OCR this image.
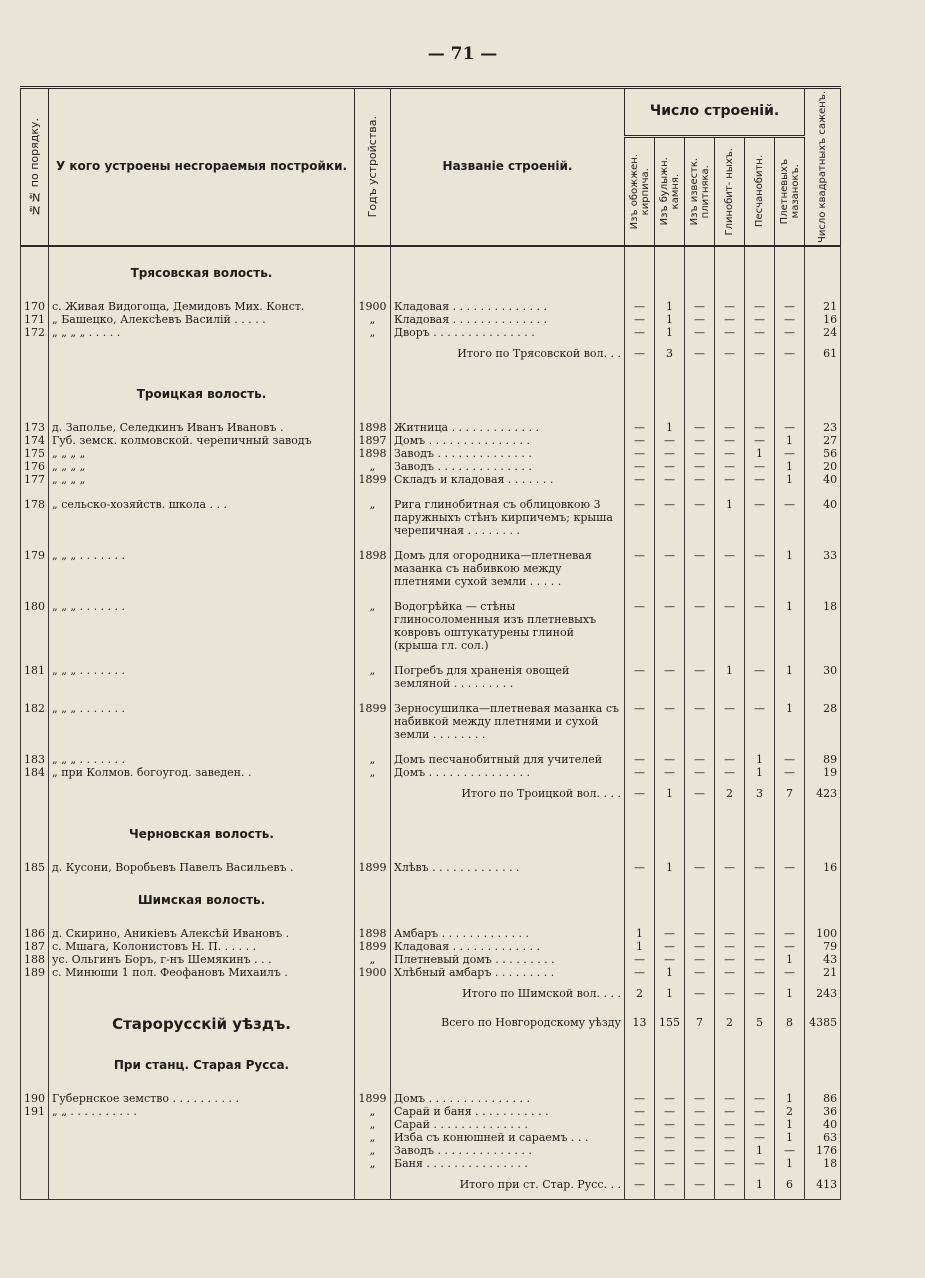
— 71 —
№№ по порядку.	У кого устроены несгораемыя постройки.	Годъ устройства.	Названіе строеній.	Число строеній.						Число квадратныхъ саженъ.

				Изъ обожжен. кирпича.	Изъ булыжн. камня.	Изъ известк. плитняка.	Глинобит- ныхъ.	Песчанобитн.	Плетневыхъ мазанокъ.	

	Трясовская волость.									
170	с. Живая Видогоща, Демидовъ Мих. Конст.	1900	Кладовая . . . . . . . . . . . . . .	—	1	—	—	—	—	21
171	„ Башецко, Алексѣевъ Василій . . . . .	„	Кладовая . . . . . . . . . . . . . .	—	1	—	—	—	—	16
172	„ „ „ „ . . . . .	„	Дворъ . . . . . . . . . . . . . . .	—	1	—	—	—	—	24
			Итого по Трясовской вол. . .	—	3	—	—	—	—	61
	Троицкая волость.									
173	д. Заполье, Селедкинъ Иванъ Ивановъ .	1898	Житница . . . . . . . . . . . . .	—	1	—	—	—	—	23
174	Губ. земск. колмовской. черепичный заводъ	1897	Домъ . . . . . . . . . . . . . . .	—	—	—	—	—	1	27
175	„ „ „ „	1898	Заводъ . . . . . . . . . . . . . .	—	—	—	—	1	—	56
176	„ „ „ „	„	Заводъ . . . . . . . . . . . . . .	—	—	—	—	—	1	20
177	„ „ „ „	1899	Складъ и кладовая . . . . . . .	—	—	—	—	—	1	40

178	„ сельско-хозяйств. школа . . .	„	Рига глинобитная съ облицовкою 3 паружныхъ стѣнъ кирпичемъ; крыша черепичная . . . . . . . .	—	—	—	1	—	—	40

179	„ „ „ . . . . . . .	1898	Домъ для огородника—плетневая мазанка съ набивкою между плетнями сухой земли . . . . .	—	—	—	—	—	1	33

180	„ „ „ . . . . . . .	„	Водогрѣйка — стѣны глиносоломенныя изъ плетневыхъ ковровъ оштукатурены глиной (крыша гл. сол.)	—	—	—	—	—	1	18

181	„ „ „ . . . . . . .	„	Погребъ для храненія овощей земляной . . . . . . . . .	—	—	—	1	—	1	30

182	„ „ „ . . . . . . .	1899	Зерносушилка—плетневая мазанка съ набивкой между плетнями и сухой земли . . . . . . . .	—	—	—	—	—	1	28

183	„ „ „ . . . . . . .	„	Домъ песчанобитный для учителей	—	—	—	—	1	—	89
184	„ при Колмов. богоугод. заведен. .	„	Домъ . . . . . . . . . . . . . . .	—	—	—	—	1	—	19
			Итого по Троицкой вол. . . .	—	1	—	2	3	7	423
	Черновская волость.									
185	д. Кусони, Воробьевъ Павелъ Васильевъ .	1899	Хлѣвъ . . . . . . . . . . . . .	—	1	—	—	—	—	16
	Шимская волость.									
186	д. Скирино, Аникіевъ Алексѣй Ивановъ .	1898	Амбаръ . . . . . . . . . . . . .	1	—	—	—	—	—	100
187	с. Мшага, Колонистовъ Н. П. . . . . .	1899	Кладовая . . . . . . . . . . . . .	1	—	—	—	—	—	79
188	ус. Ольгинъ Боръ, г-нъ Шемякинъ . . .	„	Плетневый домъ . . . . . . . . .	—	—	—	—	—	1	43
189	с. Минюши 1 пол. Феофановъ Михаилъ .	1900	Хлѣбный амбаръ . . . . . . . . .	—	1	—	—	—	—	21
			Итого по Шимской вол. . . .	2	1	—	—	—	1	243
	Старорусскій уѣздъ.		Всего по Новгородскому уѣзду	13	155	7	2	5	8	4385
	При станц. Старая Русса.									
190	Губернское земство . . . . . . . . . .	1899	Домъ . . . . . . . . . . . . . . .	—	—	—	—	—	1	86
191	„ „ . . . . . . . . . .	„	Сарай и баня . . . . . . . . . . .	—	—	—	—	—	2	36
		„	Сарай . . . . . . . . . . . . . .	—	—	—	—	—	1	40
		„	Изба съ конюшней и сараемъ . . .	—	—	—	—	—	1	63
		„	Заводъ . . . . . . . . . . . . . .	—	—	—	—	1	—	176
		„	Баня . . . . . . . . . . . . . . .	—	—	—	—	—	1	18
			Итого при ст. Стар. Русс. . .	—	—	—	—	1	6	413
